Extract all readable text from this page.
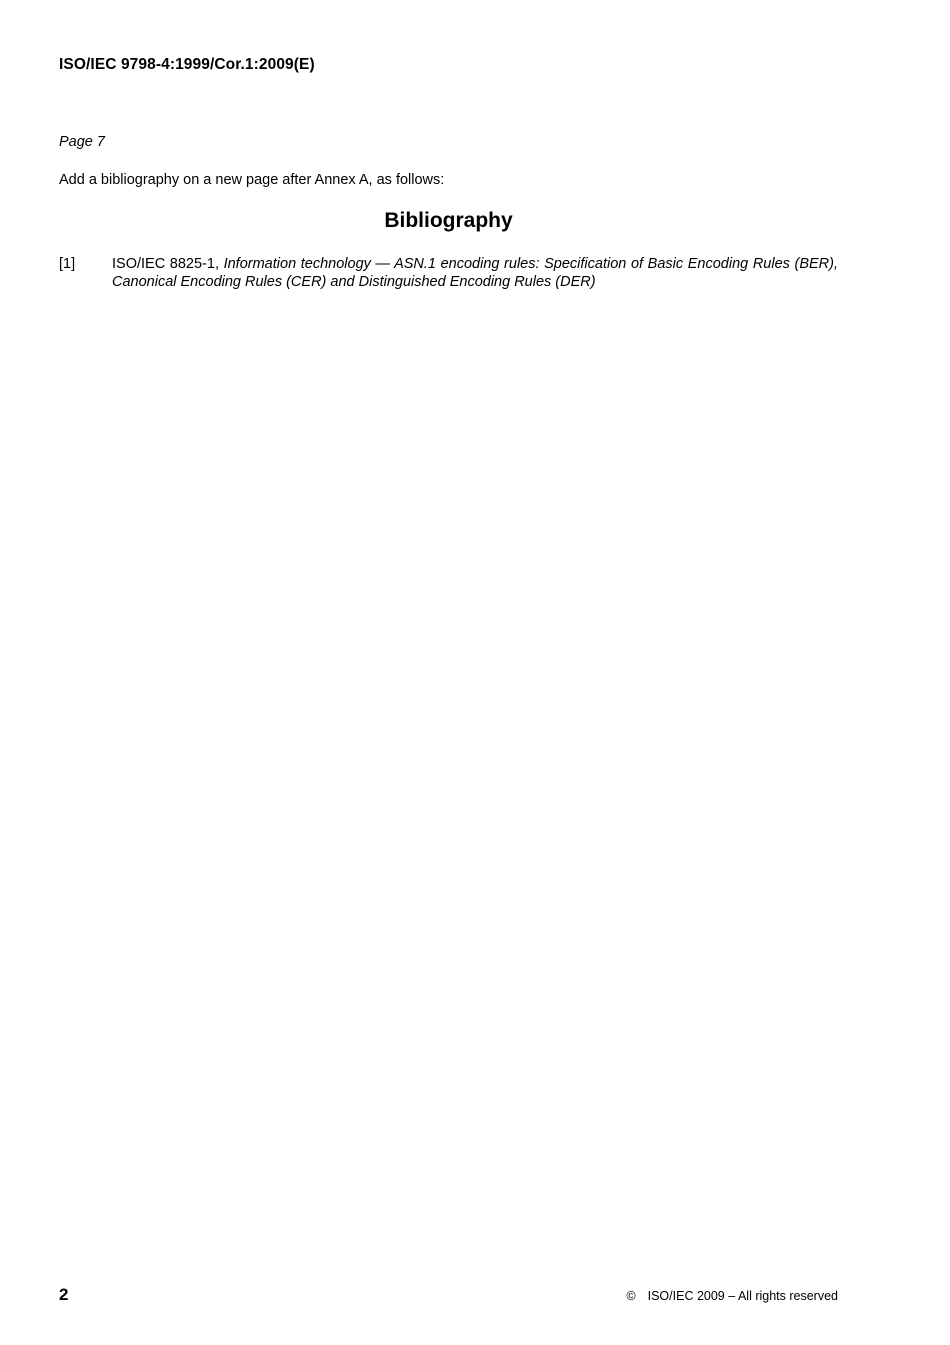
ISO/IEC 9798-4:1999/Cor.1:2009(E)
Page 7
Add a bibliography on a new page after Annex A, as follows:
Bibliography
[1]	ISO/IEC 8825-1, Information technology — ASN.1 encoding rules: Specification of Basic Encoding Rules (BER), Canonical Encoding Rules (CER) and Distinguished Encoding Rules (DER)
2	© ISO/IEC 2009 – All rights reserved
